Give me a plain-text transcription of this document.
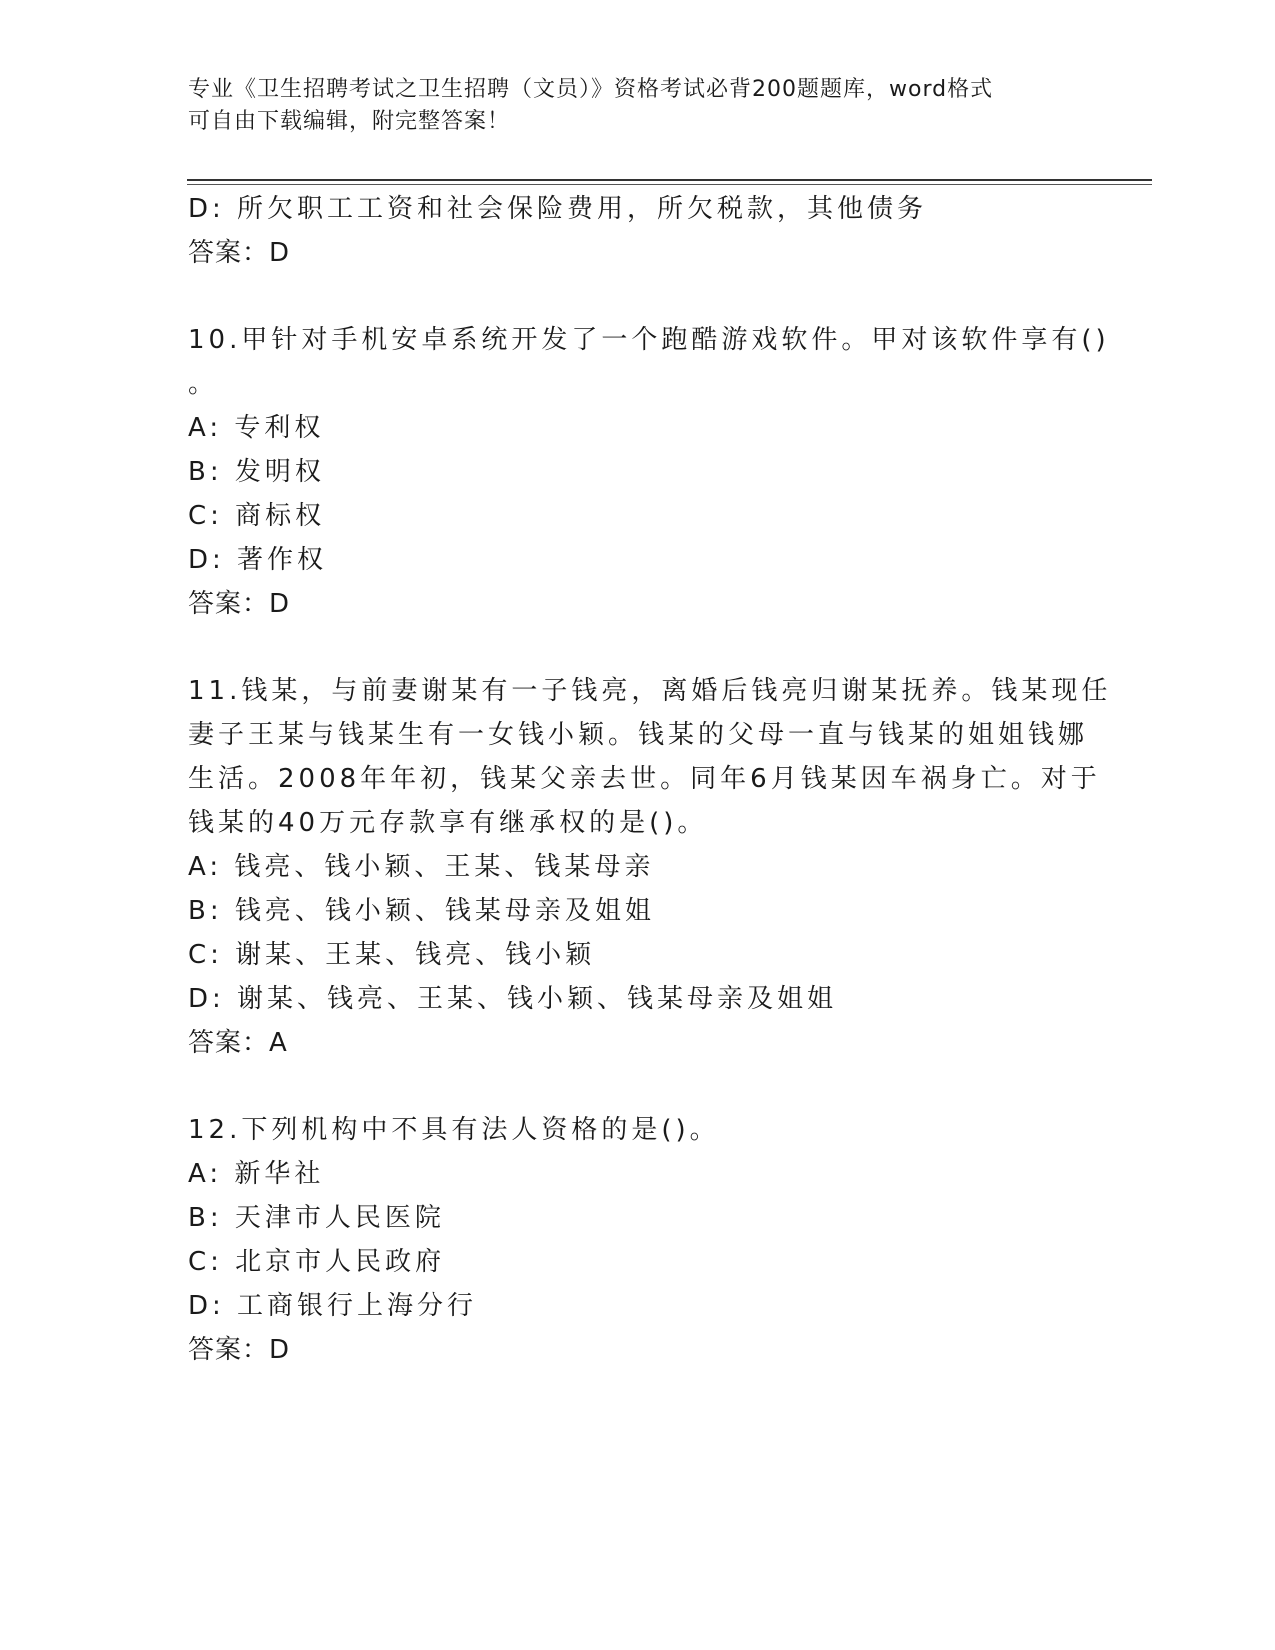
专业《卫生招聘考试之卫生招聘（文员）》资格考试必背200题题库，word格式
可自由下载编辑，附完整答案！
D: 所欠职工工资和社会保险费用，所欠税款，其他债务
答案：D
10.甲针对手机安卓系统开发了一个跑酷游戏软件。甲对该软件享有()
。
A: 专利权
B: 发明权
C: 商标权
D: 著作权
答案：D
11.钱某，与前妻谢某有一子钱亮，离婚后钱亮归谢某抚养。钱某现任
妻子王某与钱某生有一女钱小颖。钱某的父母一直与钱某的姐姐钱娜
生活。2008年年初，钱某父亲去世。同年6月钱某因车祸身亡。对于
钱某的40万元存款享有继承权的是()。
A: 钱亮、钱小颖、王某、钱某母亲
B: 钱亮、钱小颖、钱某母亲及姐姐
C: 谢某、王某、钱亮、钱小颖
D: 谢某、钱亮、王某、钱小颖、钱某母亲及姐姐
答案：A
12.下列机构中不具有法人资格的是()。
A: 新华社
B: 天津市人民医院
C: 北京市人民政府
D: 工商银行上海分行
答案：D
